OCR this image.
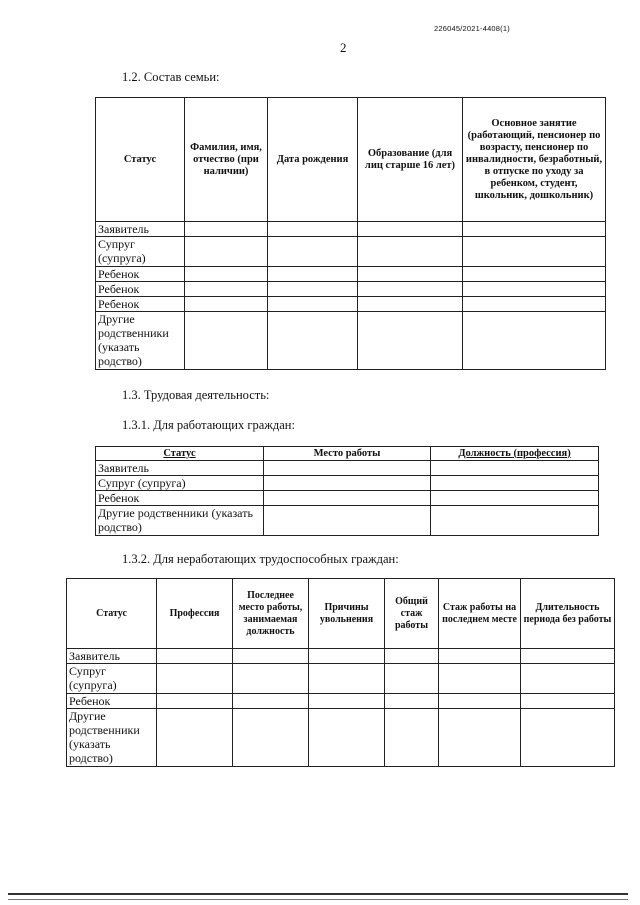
226045/2021-4408(1)
2
1.2. Состав семьи:
Статус	Фамилия, имя, отчество (при наличии)	Дата рождения	Образование (для лиц старше 16 лет)	Основное занятие (работающий, пенсионер по возрасту, пенсионер по инвалидности, безработный, в отпуске по уходу за ребенком, студент, школьник, дошкольник)
Заявитель				
Супруг (супруга)				
Ребенок				
Ребенок				
Ребенок				
Другие родственники (указать родство)				
1.3. Трудовая деятельность:
1.3.1. Для работающих граждан:
Статус	Место работы	Должность (профессия)
Заявитель		
Супруг (супруга)		
Ребенок		
Другие родственники (указать родство)		
1.3.2. Для неработающих трудоспособных граждан:
Статус	Профессия	Последнее место работы, занимаемая должность	Причины увольнения	Общий стаж работы	Стаж работы на последнем месте	Длительность периода без работы
Заявитель						
Супруг (супруга)						
Ребенок						
Другие родственники (указать родство)						
